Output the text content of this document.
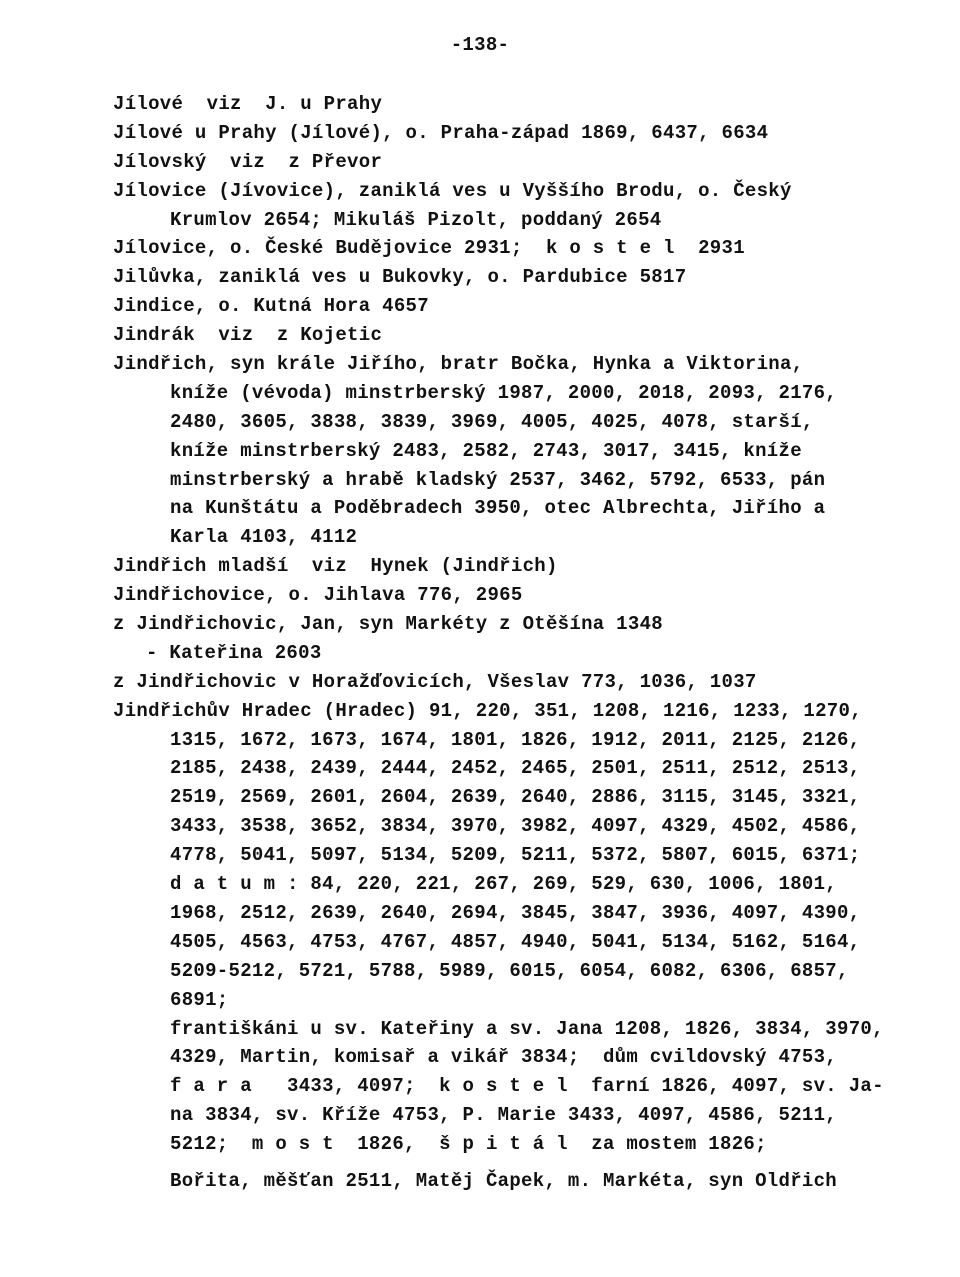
-138-
Jílové  viz  J. u Prahy
Jílové u Prahy (Jílové), o. Praha-západ 1869, 6437, 6634
Jílovský  viz  z Převor
Jílovice (Jívovice), zaniklá ves u Vyššího Brodu, o. Český
Krumlov 2654; Mikuláš Pizolt, poddaný 2654
Jílovice, o. České Budějovice 2931;  k o s t e l  2931
Jilůvka, zaniklá ves u Bukovky, o. Pardubice 5817
Jindice, o. Kutná Hora 4657
Jindrák  viz  z Kojetic
Jindřich, syn krále Jiřího, bratr Bočka, Hynka a Viktorina,
kníže (vévoda) minstrberský 1987, 2000, 2018, 2093, 2176,
2480, 3605, 3838, 3839, 3969, 4005, 4025, 4078, starší,
kníže minstrberský 2483, 2582, 2743, 3017, 3415, kníže
minstrberský a hrabě kladský 2537, 3462, 5792, 6533, pán
na Kunštátu a Poděbradech 3950, otec Albrechta, Jiřího a
Karla 4103, 4112
Jindřich mladší  viz  Hynek (Jindřich)
Jindřichovice, o. Jihlava 776, 2965
z Jindřichovic, Jan, syn Markéty z Otěšína 1348
- Kateřina 2603
z Jindřichovic v Horažďovicích, Všeslav 773, 1036, 1037
Jindřichův Hradec (Hradec) 91, 220, 351, 1208, 1216, 1233, 1270,
1315, 1672, 1673, 1674, 1801, 1826, 1912, 2011, 2125, 2126,
2185, 2438, 2439, 2444, 2452, 2465, 2501, 2511, 2512, 2513,
2519, 2569, 2601, 2604, 2639, 2640, 2886, 3115, 3145, 3321,
3433, 3538, 3652, 3834, 3970, 3982, 4097, 4329, 4502, 4586,
4778, 5041, 5097, 5134, 5209, 5211, 5372, 5807, 6015, 6371;
d a t u m : 84, 220, 221, 267, 269, 529, 630, 1006, 1801,
1968, 2512, 2639, 2640, 2694, 3845, 3847, 3936, 4097, 4390,
4505, 4563, 4753, 4767, 4857, 4940, 5041, 5134, 5162, 5164,
5209-5212, 5721, 5788, 5989, 6015, 6054, 6082, 6306, 6857,
6891;
františkáni u sv. Kateřiny a sv. Jana 1208, 1826, 3834, 3970,
4329, Martin, komisař a vikář 3834;  dům cvildovský 4753,
f a r a   3433, 4097;  k o s t e l  farní 1826, 4097, sv. Ja-
na 3834, sv. Kříže 4753, P. Marie 3433, 4097, 4586, 5211,
5212;  m o s t  1826,  š p i t á l  za mostem 1826;
Bořita, měšťan 2511, Matěj Čapek, m. Markéta, syn Oldřich
